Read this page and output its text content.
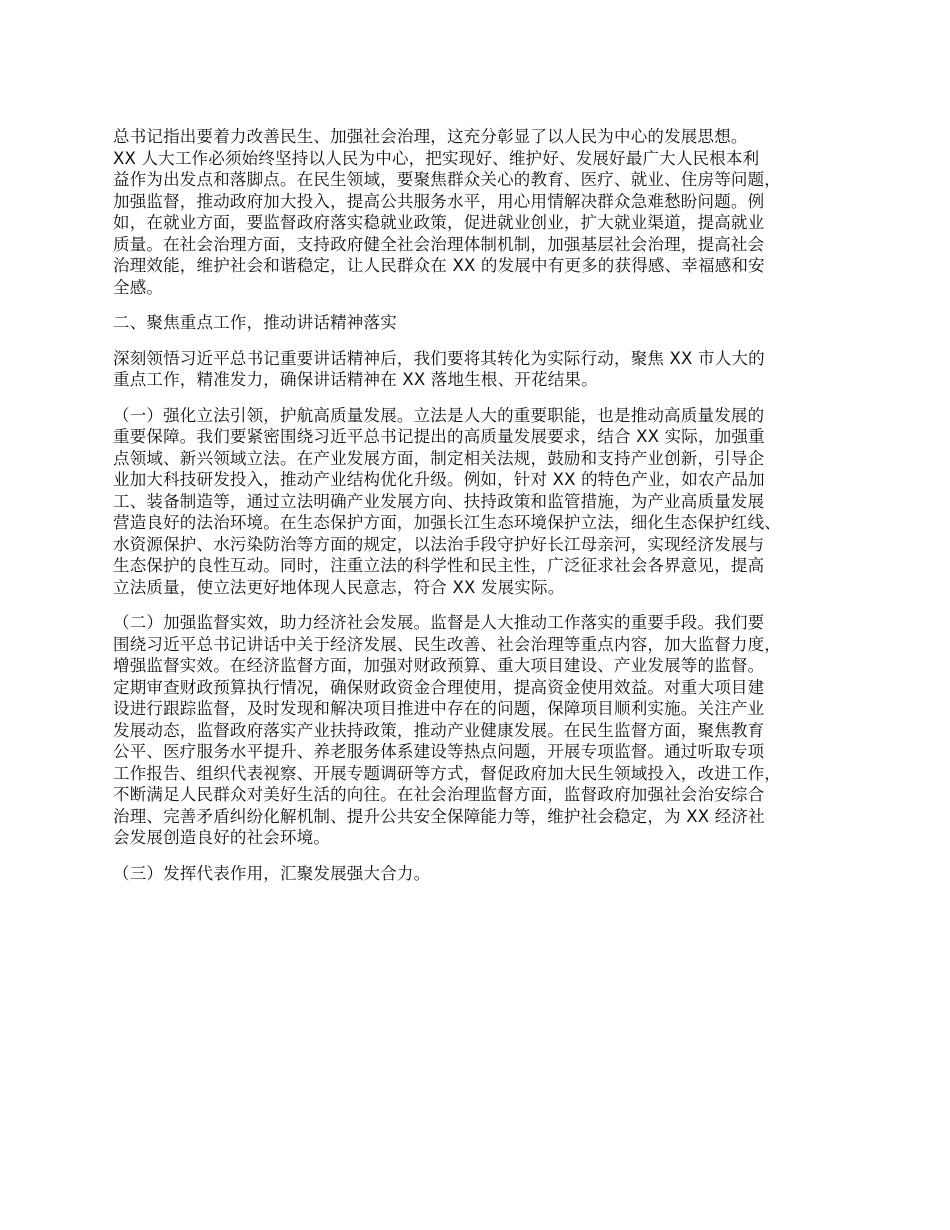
总书记指出要着力改善民生、加强社会治理，这充分彰显了以人民为中心的发展思想。
XX 人大工作必须始终坚持以人民为中心，把实现好、维护好、发展好最广大人民根本利
益作为出发点和落脚点。在民生领域，要聚焦群众关心的教育、医疗、就业、住房等问题，
加强监督，推动政府加大投入，提高公共服务水平，用心用情解决群众急难愁盼问题。例
如，在就业方面，要监督政府落实稳就业政策，促进就业创业，扩大就业渠道，提高就业
质量。在社会治理方面，支持政府健全社会治理体制机制，加强基层社会治理，提高社会
治理效能，维护社会和谐稳定，让人民群众在 XX 的发展中有更多的获得感、幸福感和安
全感。

二、聚焦重点工作，推动讲话精神落实

深刻领悟习近平总书记重要讲话精神后，我们要将其转化为实际行动，聚焦 XX 市人大的
重点工作，精准发力，确保讲话精神在 XX 落地生根、开花结果。

（一）强化立法引领，护航高质量发展。立法是人大的重要职能，也是推动高质量发展的
重要保障。我们要紧密围绕习近平总书记提出的高质量发展要求，结合 XX 实际，加强重
点领域、新兴领域立法。在产业发展方面，制定相关法规，鼓励和支持产业创新，引导企
业加大科技研发投入，推动产业结构优化升级。例如，针对 XX 的特色产业，如农产品加
工、装备制造等，通过立法明确产业发展方向、扶持政策和监管措施，为产业高质量发展
营造良好的法治环境。在生态保护方面，加强长江生态环境保护立法，细化生态保护红线、
水资源保护、水污染防治等方面的规定，以法治手段守护好长江母亲河，实现经济发展与
生态保护的良性互动。同时，注重立法的科学性和民主性，广泛征求社会各界意见，提高
立法质量，使立法更好地体现人民意志，符合 XX 发展实际。

（二）加强监督实效，助力经济社会发展。监督是人大推动工作落实的重要手段。我们要
围绕习近平总书记讲话中关于经济发展、民生改善、社会治理等重点内容，加大监督力度，
增强监督实效。在经济监督方面，加强对财政预算、重大项目建设、产业发展等的监督。
定期审查财政预算执行情况，确保财政资金合理使用，提高资金使用效益。对重大项目建
设进行跟踪监督，及时发现和解决项目推进中存在的问题，保障项目顺利实施。关注产业
发展动态，监督政府落实产业扶持政策，推动产业健康发展。在民生监督方面，聚焦教育
公平、医疗服务水平提升、养老服务体系建设等热点问题，开展专项监督。通过听取专项
工作报告、组织代表视察、开展专题调研等方式，督促政府加大民生领域投入，改进工作，
不断满足人民群众对美好生活的向往。在社会治理监督方面，监督政府加强社会治安综合
治理、完善矛盾纠纷化解机制、提升公共安全保障能力等，维护社会稳定，为 XX 经济社
会发展创造良好的社会环境。

（三）发挥代表作用，汇聚发展强大合力。
